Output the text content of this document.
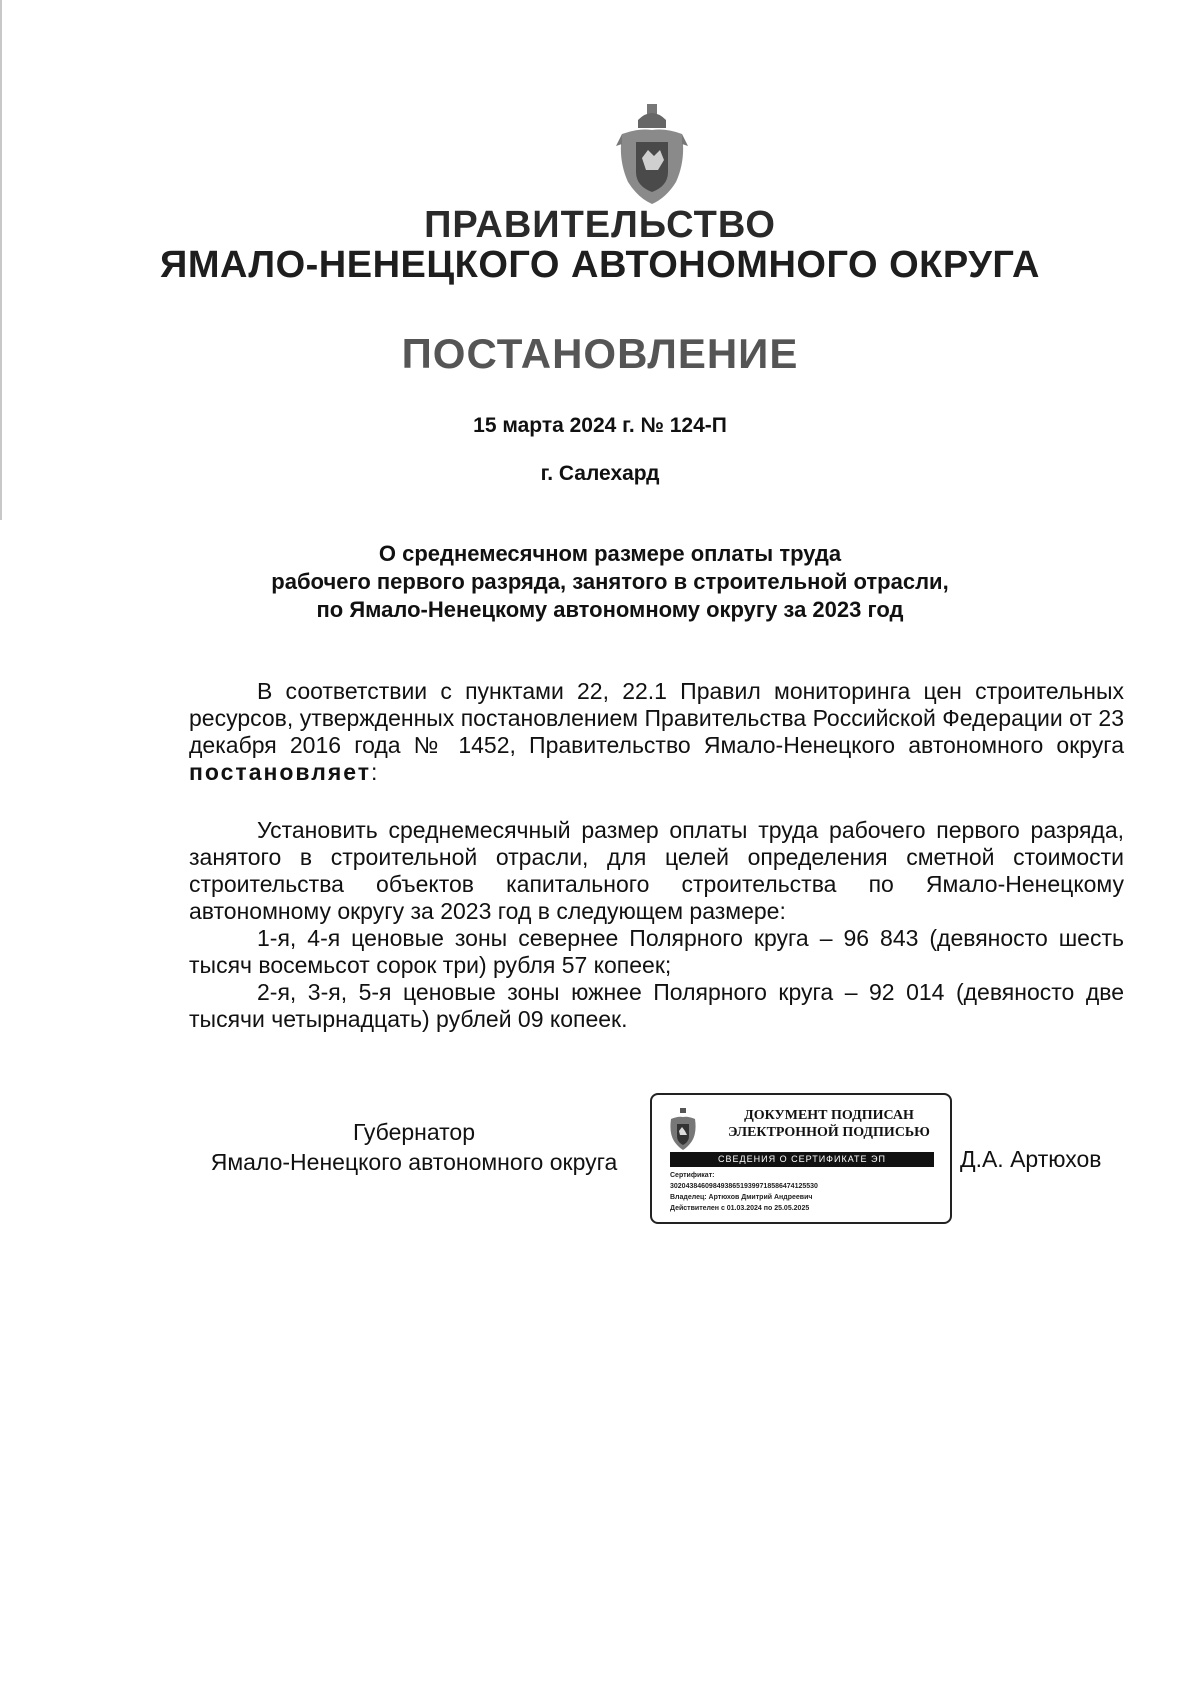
ПРАВИТЕЛЬСТВО
ЯМАЛО-НЕНЕЦКОГО АВТОНОМНОГО ОКРУГА
ПОСТАНОВЛЕНИЕ
15 марта 2024 г. № 124-П
г. Салехард
О среднемесячном размере оплаты труда
рабочего первого разряда, занятого в строительной отрасли,
по Ямало-Ненецкому автономному округу за 2023 год
В соответствии с пунктами 22, 22.1 Правил мониторинга цен строительных ресурсов, утвержденных постановлением Правительства Российской Федерации от 23 декабря 2016 года № 1452, Правительство Ямало-Ненецкого автономного округа постановляет:
Установить среднемесячный размер оплаты труда рабочего первого разряда, занятого в строительной отрасли, для целей определения сметной стоимости строительства объектов капитального строительства по Ямало-Ненецкому автономному округу за 2023 год в следующем размере:
1-я, 4-я ценовые зоны севернее Полярного круга – 96 843 (девяносто шесть тысяч восемьсот сорок три) рубля 57 копеек;
2-я, 3-я, 5-я ценовые зоны южнее Полярного круга – 92 014 (девяносто две тысячи четырнадцать) рублей 09 копеек.
Губернатор
Ямало-Ненецкого автономного округа
ДОКУМЕНТ ПОДПИСАН
ЭЛЕКТРОННОЙ ПОДПИСЬЮ
СВЕДЕНИЯ О СЕРТИФИКАТЕ ЭП
Сертификат:
3020438460984938651939971858647412553​0
Владелец: Артюхов Дмитрий Андреевич
Действителен с 01.03.2024 по 25.05.2025
Д.А. Артюхов
